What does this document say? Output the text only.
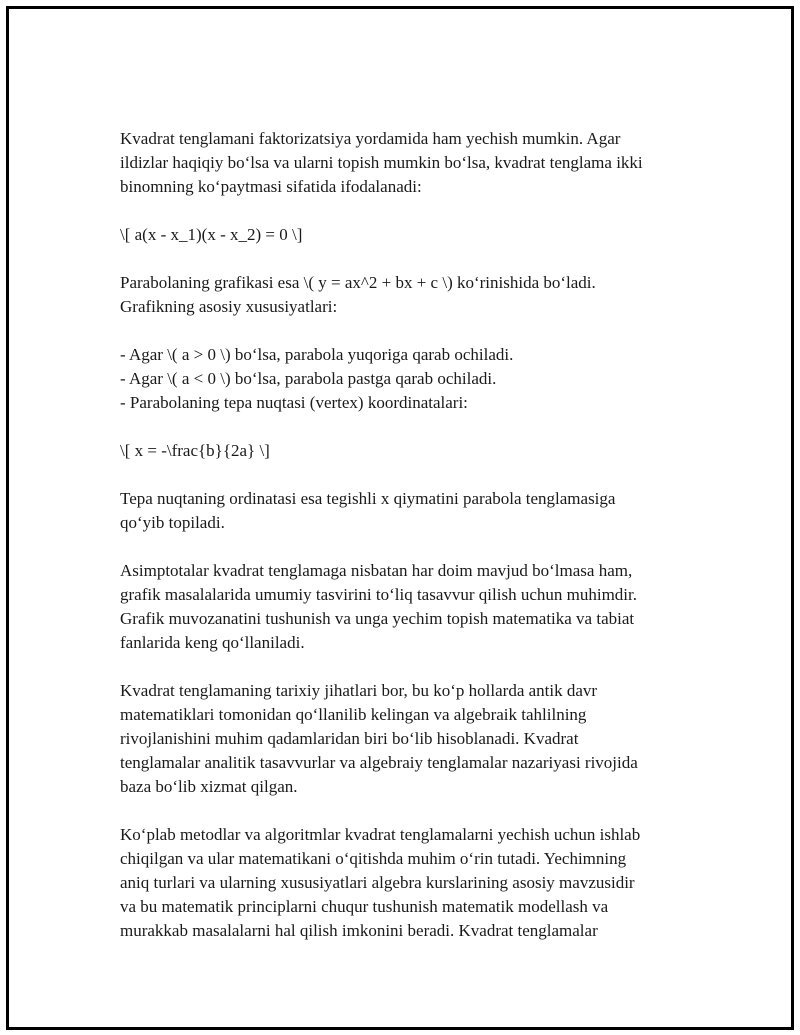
Kvadrat tenglamani faktorizatsiya yordamida ham yechish mumkin. Agar
ildizlar haqiqiy bo‘lsa va ularni topish mumkin bo‘lsa, kvadrat tenglama ikki
binomning ko‘paytmasi sifatida ifodalanadi:
\[ a(x - x_1)(x - x_2) = 0 \]
Parabolaning grafikasi esa \( y = ax^2 + bx + c \) ko‘rinishida bo‘ladi.
Grafikning asosiy xususiyatlari:
- Agar \( a > 0 \) bo‘lsa, parabola yuqoriga qarab ochiladi.
- Agar \( a < 0 \) bo‘lsa, parabola pastga qarab ochiladi.
- Parabolaning tepa nuqtasi (vertex) koordinatalari:
\[ x = -\frac{b}{2a} \]
Tepa nuqtaning ordinatasi esa tegishli x qiymatini parabola tenglamasiga
qo‘yib topiladi.
Asimptotalar kvadrat tenglamaga nisbatan har doim mavjud bo‘lmasa ham,
grafik masalalarida umumiy tasvirini to‘liq tasavvur qilish uchun muhimdir.
Grafik muvozanatini tushunish va unga yechim topish matematika va tabiat
fanlarida keng qo‘llaniladi.
Kvadrat tenglamaning tarixiy jihatlari bor, bu ko‘p hollarda antik davr
matematiklari tomonidan qo‘llanilib kelingan va algebraik tahlilning
rivojlanishini muhim qadamlaridan biri bo‘lib hisoblanadi. Kvadrat
tenglamalar analitik tasavvurlar va algebraiy tenglamalar nazariyasi rivojida
baza bo‘lib xizmat qilgan.
Ko‘plab metodlar va algoritmlar kvadrat tenglamalarni yechish uchun ishlab
chiqilgan va ular matematikani o‘qitishda muhim o‘rin tutadi. Yechimning
aniq turlari va ularning xususiyatlari algebra kurslarining asosiy mavzusidir
va bu matematik principlarni chuqur tushunish matematik modellash va
murakkab masalalarni hal qilish imkonini beradi. Kvadrat tenglamalar
